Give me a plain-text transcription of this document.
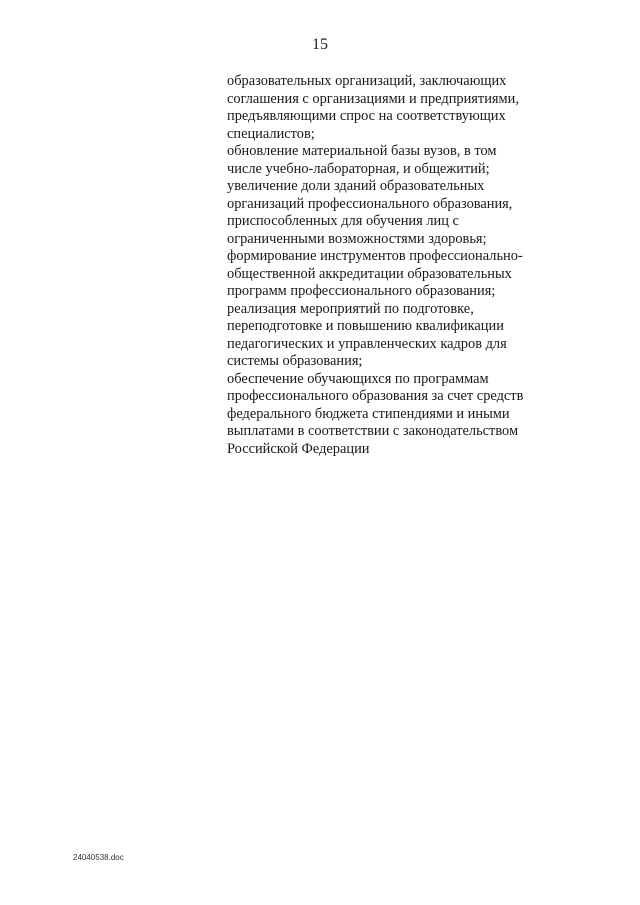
15
образовательных организаций, заключающих
соглашения с организациями и предприятиями,
предъявляющими спрос на соответствующих
специалистов;
обновление материальной базы вузов, в том
числе учебно-лабораторная, и общежитий;
увеличение доли зданий образовательных
организаций профессионального образования,
приспособленных для обучения лиц с
ограниченными возможностями здоровья;
формирование инструментов профессионально-
общественной аккредитации образовательных
программ профессионального образования;
реализация мероприятий по подготовке,
переподготовке и повышению квалификации
педагогических и управленческих кадров для
системы образования;
обеспечение обучающихся по программам
профессионального образования за счет средств
федерального бюджета стипендиями и иными
выплатами в соответствии с законодательством
Российской Федерации
24040538.doc
